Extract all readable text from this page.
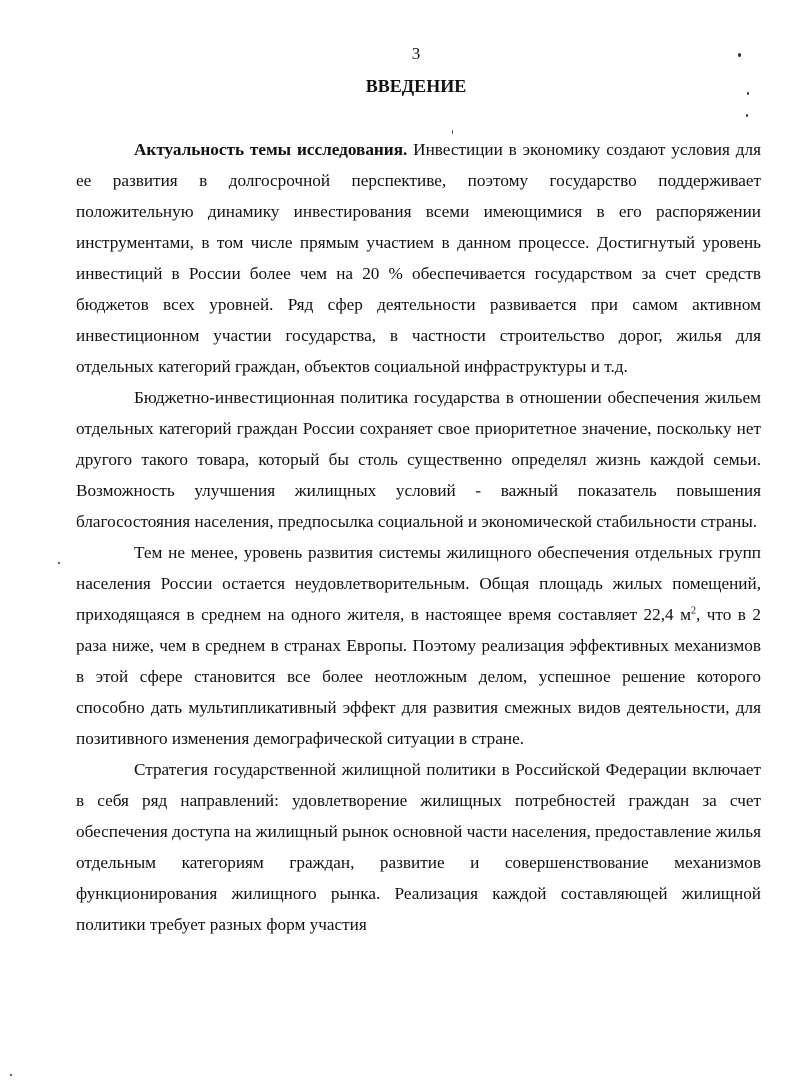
3

ВВЕДЕНИЕ

Актуальность темы исследования. Инвестиции в экономику создают условия для ее развития в долгосрочной перспективе, поэтому государство поддерживает положительную динамику инвестирования всеми имеющимися в его распоряжении инструментами, в том числе прямым участием в данном процессе. Достигнутый уровень инвестиций в России более чем на 20 % обеспечивается государством за счет средств бюджетов всех уровней. Ряд сфер деятельности развивается при самом активном инвестиционном участии государства, в частности строительство дорог, жилья для отдельных категорий граждан, объектов социальной инфраструктуры и т.д.

Бюджетно-инвестиционная политика государства в отношении обеспечения жильем отдельных категорий граждан России сохраняет свое приоритетное значение, поскольку нет другого такого товара, который бы столь существенно определял жизнь каждой семьи. Возможность улучшения жилищных условий - важный показатель повышения благосостояния населения, предпосылка социальной и экономической стабильности страны.

Тем не менее, уровень развития системы жилищного обеспечения отдельных групп населения России остается неудовлетворительным. Общая площадь жилых помещений, приходящаяся в среднем на одного жителя, в настоящее время составляет 22,4 $м^2$, что в 2 раза ниже, чем в среднем в странах Европы. Поэтому реализация эффективных механизмов в этой сфере становится все более неотложным делом, успешное решение которого способно дать мультипликативный эффект для развития смежных видов деятельности, для позитивного изменения демографической ситуации в стране.

Стратегия государственной жилищной политики в Российской Федерации включает в себя ряд направлений: удовлетворение жилищных потребностей граждан за счет обеспечения доступа на жилищный рынок основной части населения, предоставление жилья отдельным категориям граждан, развитие и совершенствование механизмов функционирования жилищного рынка. Реализация каждой составляющей жилищной политики требует разных форм участия
